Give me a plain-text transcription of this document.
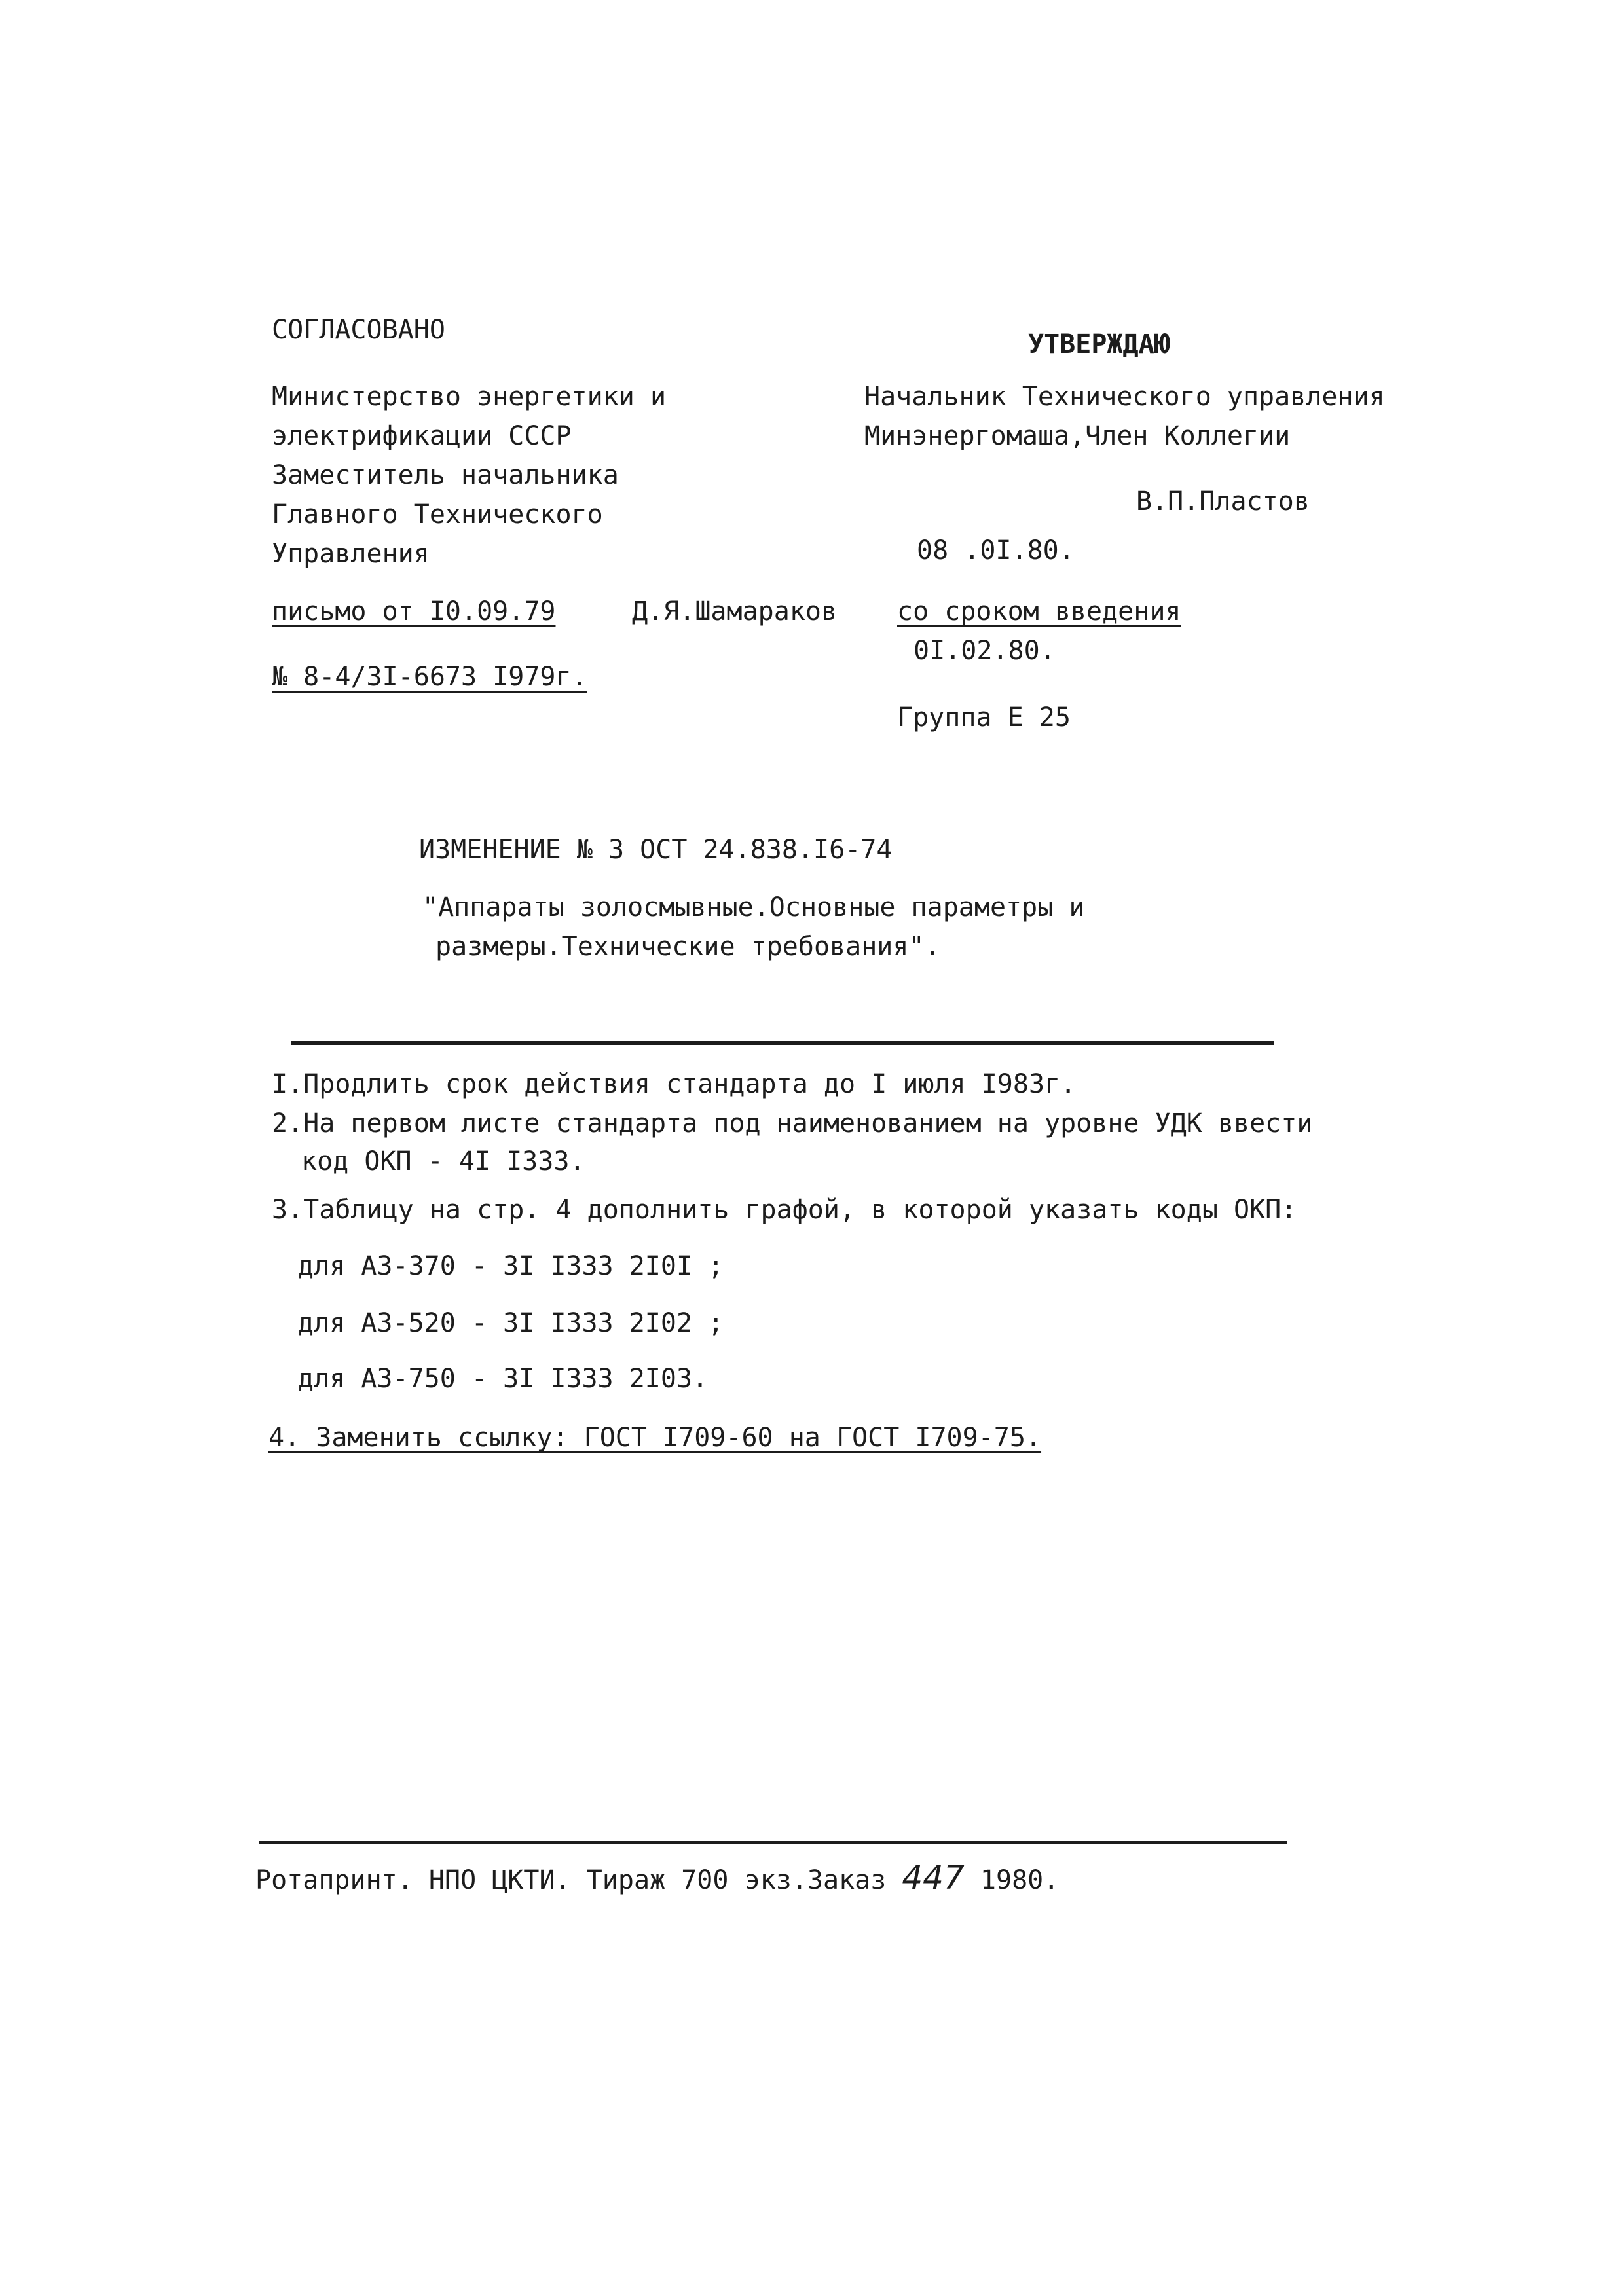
СОГЛАСОВАНО
Министерство энергетики и
электрификации СССР
Заместитель начальника
Главного Технического
Управления
письмо от I0.09.79	Д.Я.Шамараков
№ 8-4/3I-6673 I979г.
УТВЕРЖДАЮ
Начальник Технического управления
Минэнергомаша,Член Коллегии
В.П.Пластов
08 .0I.80.
со сроком введения
0I.02.80.
Группа Е 25
ИЗМЕНЕНИЕ № 3 ОСТ 24.838.I6-74
"Аппараты золосмывные.Основные параметры и
размеры.Технические требования".
I.Продлить срок действия стандарта до I июля I983г.
2.На первом листе стандарта под наименованием на уровне УДК ввести
код ОКП - 4I I333.
3.Таблицу на стр. 4 дополнить графой, в которой указать коды ОКП:
для АЗ-370 - 3I I333 2I0I ;
для АЗ-520 - 3I I333 2I02 ;
для АЗ-750 - 3I I333 2I03.
4. Заменить ссылку: ГОСТ I709-60 на ГОСТ I709-75.
Ротапринт. НПО ЦКТИ. Тираж 700 экз.Заказ 447 1980.
